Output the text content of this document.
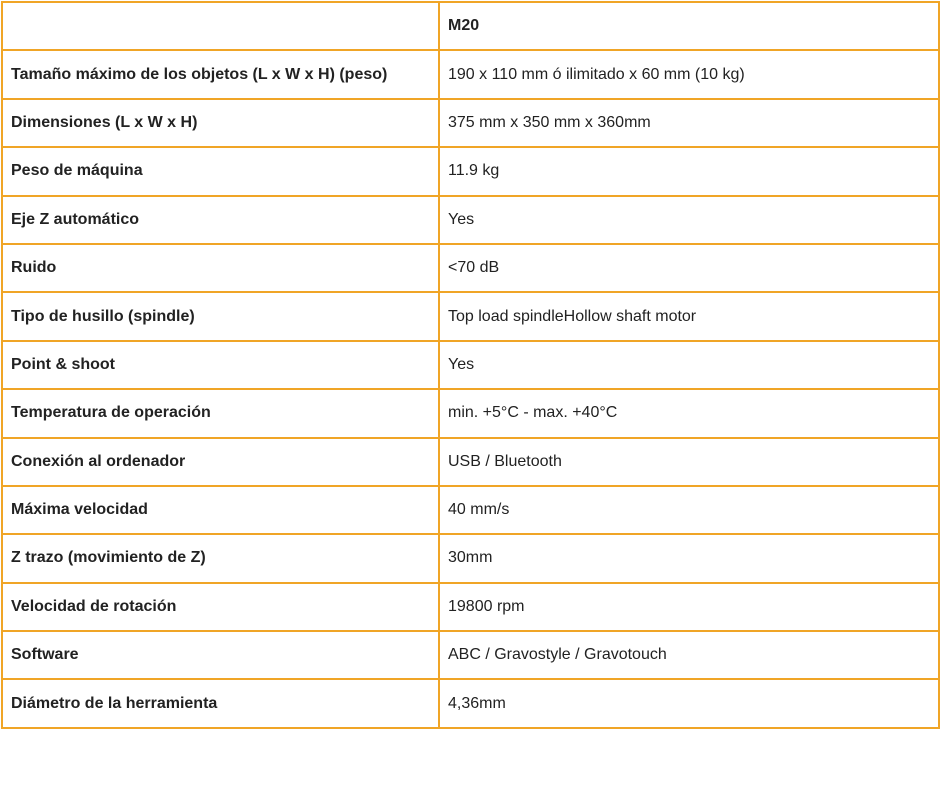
	M20
Tamaño máximo de los objetos (L x W x H) (peso)	190 x 110 mm ó ilimitado x 60 mm (10 kg)
Dimensiones (L x W x H)	375 mm x 350 mm x 360mm
Peso de máquina	11.9 kg
Eje Z automático	Yes
Ruido	<70 dB
Tipo de husillo (spindle)	Top load spindleHollow shaft motor
Point & shoot	Yes
Temperatura de operación	min. +5°C - max. +40°C
Conexión al ordenador	USB / Bluetooth
Máxima velocidad	40 mm/s
Z trazo (movimiento de Z)	30mm
Velocidad de rotación	19800 rpm
Software	ABC / Gravostyle / Gravotouch
Diámetro de la herramienta	4,36mm
